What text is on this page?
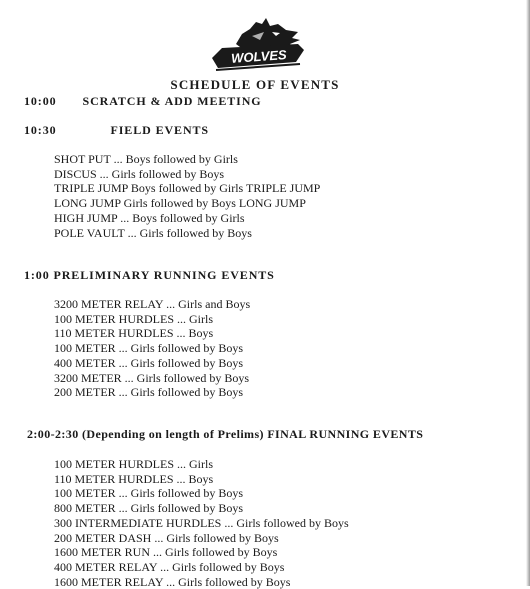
WOLVES
SCHEDULE OF EVENTS
10:00 SCRATCH & ADD MEETING
10:30	FIELD EVENTS
SHOT PUT ... Boys followed by Girls
DISCUS ... Girls followed by Boys
TRIPLE JUMP Boys followed by Girls TRIPLE JUMP
LONG JUMP Girls followed by Boys LONG JUMP
HIGH JUMP ... Boys followed by Girls
POLE VAULT ... Girls followed by Boys
1:00 PRELIMINARY RUNNING EVENTS
3200 METER RELAY ... Girls and Boys
100 METER HURDLES ... Girls
110 METER HURDLES ... Boys
100 METER ... Girls followed by Boys
400 METER ... Girls followed by Boys
3200 METER ... Girls followed by Boys
200 METER ... Girls followed by Boys
2:00-2:30 (Depending on length of Prelims) FINAL RUNNING EVENTS
100 METER HURDLES ... Girls
110 METER HURDLES ... Boys
100 METER ... Girls followed by Boys
800 METER ... Girls followed by Boys
300 INTERMEDIATE HURDLES ... Girls followed by Boys
200 METER DASH ... Girls followed by Boys
1600 METER RUN ... Girls followed by Boys
400 METER RELAY ... Girls followed by Boys
1600 METER RELAY ... Girls followed by Boys
